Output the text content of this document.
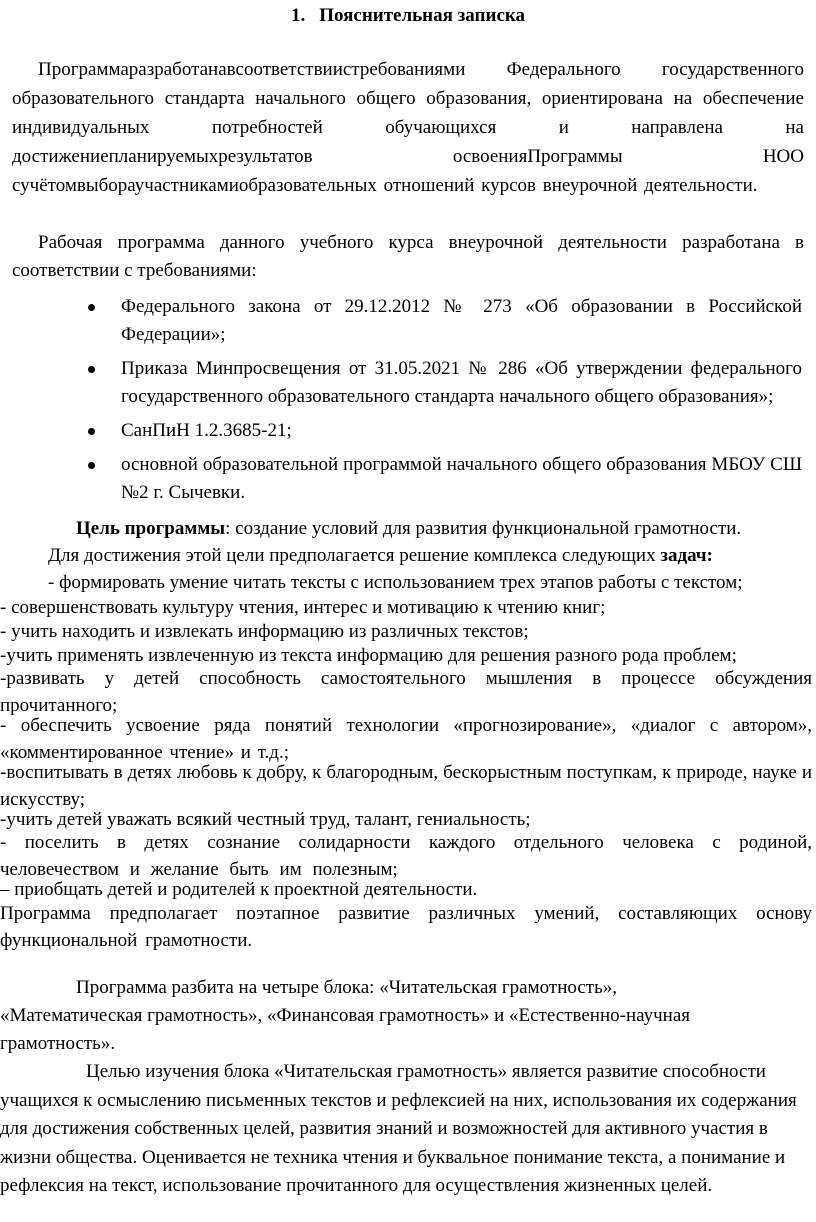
1. Пояснительная записка
Программаразработанавсоответствиистребованиями Федерального государственного образовательного стандарта начального общего образования, ориентирована на обеспечение индивидуальных потребностей обучающихся и направлена на достижениепланируемыхрезультатов освоенияПрограммы НОО сучётомвыбораучастникамиобразовательных отношений курсов внеурочной деятельности.
Рабочая программа данного учебного курса внеурочной деятельности разработана в соответствии с требованиями:
Федерального закона от 29.12.2012 № 273 «Об образовании в Российской Федерации»;
Приказа Минпросвещения от 31.05.2021 № 286 «Об утверждении федерального государственного образовательного стандарта начального общего образования»;
СанПиН 1.2.3685-21;
основной образовательной программой начального общего образования МБОУ СШ №2 г. Сычевки.
Цель программы: создание условий для развития функциональной грамотности.
Для достижения этой цели предполагается решение комплекса следующих задач:
- формировать умение читать тексты с использованием трех этапов работы с текстом;
- совершенствовать культуру чтения, интерес и мотивацию к чтению книг;
- учить находить и извлекать информацию из различных текстов;
-учить применять извлеченную из текста информацию для решения разного рода проблем;
-развивать у детей способность самостоятельного мышления в процессе обсуждения прочитанного;
- обеспечить усвоение ряда понятий технологии «прогнозирование», «диалог с автором», «комментированное чтение» и т.д.;
-воспитывать в детях любовь к добру, к благородным, бескорыстным поступкам, к природе, науке и искусству;
-учить детей уважать всякий честный труд, талант, гениальность;
- поселить в детях сознание солидарности каждого отдельного человека с родиной, человечеством и желание быть им полезным;
– приобщать детей и родителей к проектной деятельности.
Программа предполагает поэтапное развитие различных умений, составляющих основу функциональной грамотности.
Программа разбита на четыре блока: «Читательская грамотность», «Математическая грамотность», «Финансовая грамотность» и «Естественно-научная грамотность».
Целью изучения блока «Читательская грамотность» является развитие способности учащихся к осмыслению письменных текстов и рефлексией на них, использования их содержания для достижения собственных целей, развития знаний и возможностей для активного участия в жизни общества. Оценивается не техника чтения и буквальное понимание текста, а понимание и рефлексия на текст, использование прочитанного для осуществления жизненных целей.
